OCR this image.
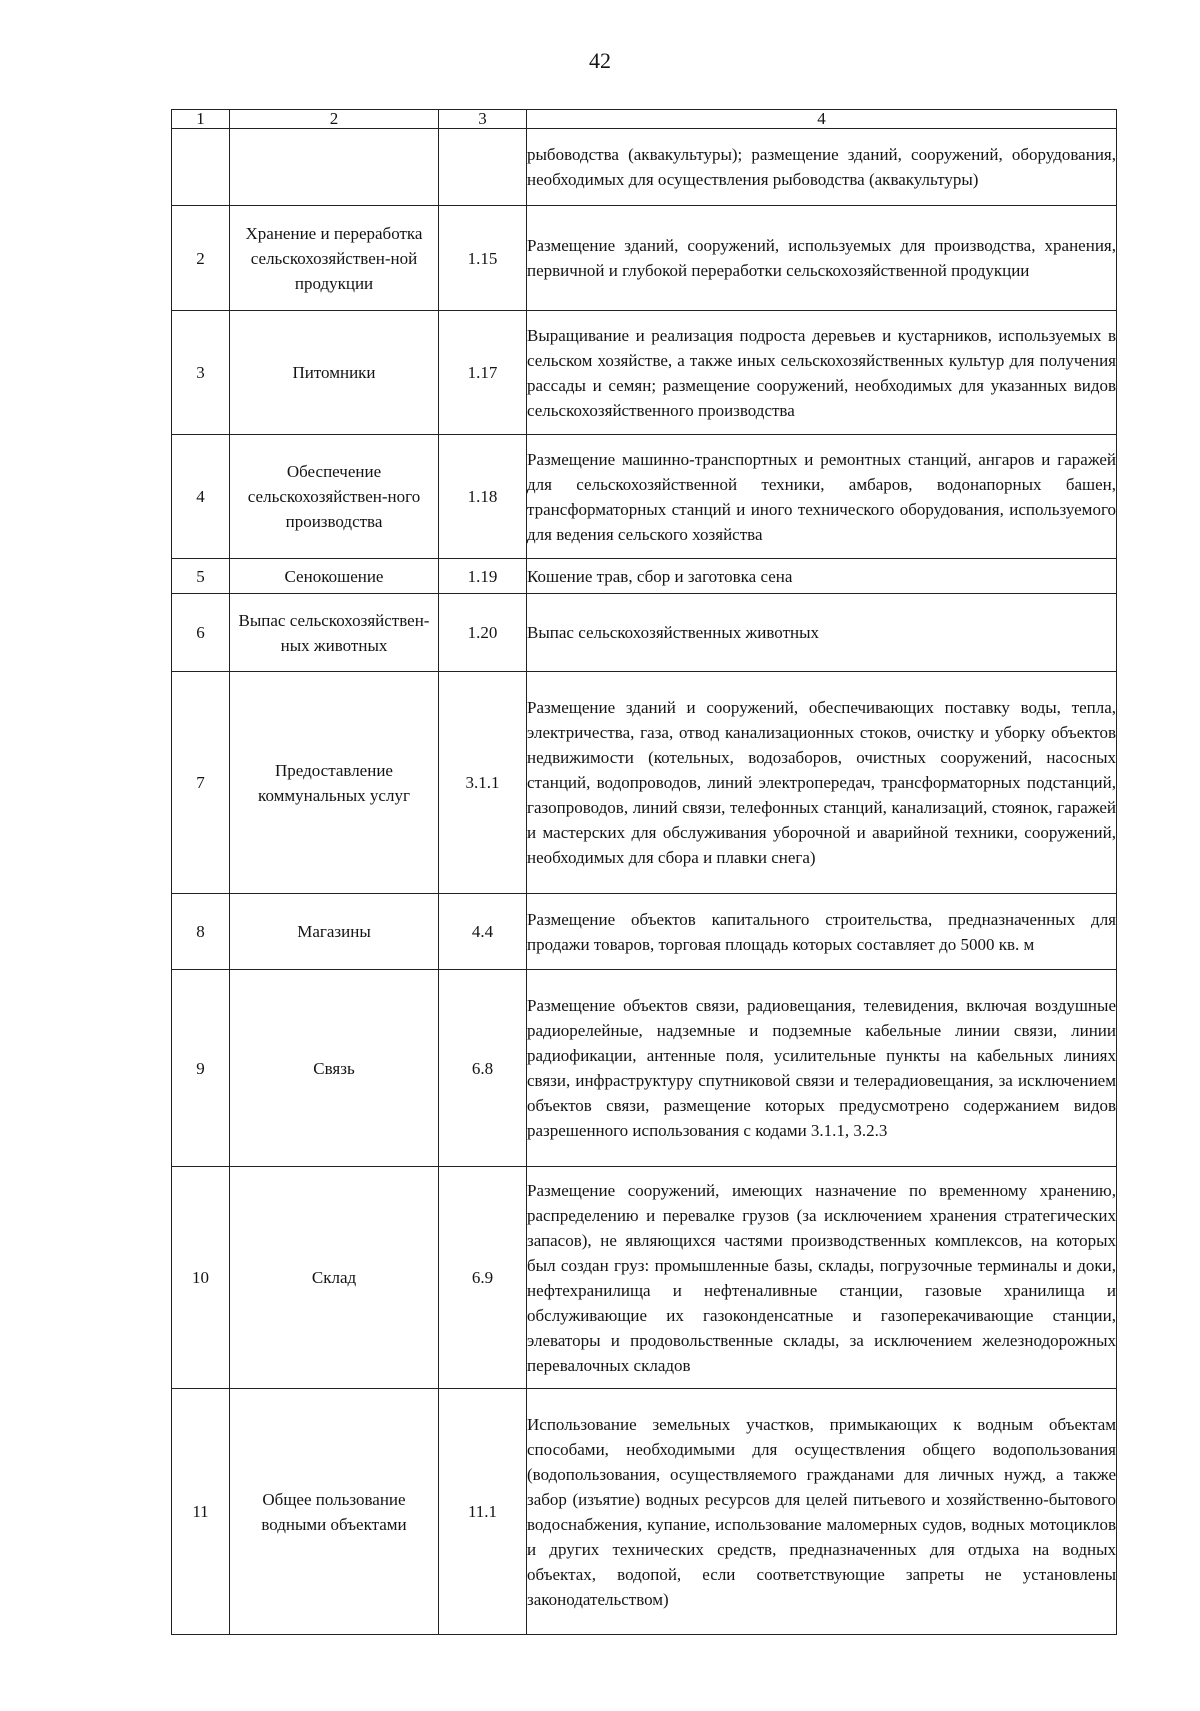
42
1	2	3	4
			рыбоводства (аквакультуры); размещение зданий, сооружений, оборудования, необходимых для осуществления рыбоводства (аквакультуры)
2	Хранение и переработка сельскохозяйствен-ной продукции	1.15	Размещение зданий, сооружений, используемых для производства, хранения, первичной и глубокой переработки сельскохозяйственной продукции
3	Питомники	1.17	Выращивание и реализация подроста деревьев и кустарников, используемых в сельском хозяйстве, а также иных сельскохозяйственных культур для получения рассады и семян; размещение сооружений, необходимых для указанных видов сельскохозяйственного производства
4	Обеспечение сельскохозяйствен-ного производства	1.18	Размещение машинно-транспортных и ремонтных станций, ангаров и гаражей для сельскохозяйственной техники, амбаров, водонапорных башен, трансформаторных станций и иного технического оборудования, используемого для ведения сельского хозяйства
5	Сенокошение	1.19	Кошение трав, сбор и заготовка сена
6	Выпас сельскохозяйствен-ных животных	1.20	Выпас сельскохозяйственных животных
7	Предоставление коммунальных услуг	3.1.1	Размещение зданий и сооружений, обеспечивающих поставку воды, тепла, электричества, газа, отвод канализационных стоков, очистку и уборку объектов недвижимости (котельных, водозаборов, очистных сооружений, насосных станций, водопроводов, линий электропередач, трансформаторных подстанций, газопроводов, линий связи, телефонных станций, канализаций, стоянок, гаражей и мастерских для обслуживания уборочной и аварийной техники, сооружений, необходимых для сбора и плавки снега)
8	Магазины	4.4	Размещение объектов капитального строительства, предназначенных для продажи товаров, торговая площадь которых составляет до 5000 кв. м
9	Связь	6.8	Размещение объектов связи, радиовещания, телевидения, включая воздушные радиорелейные, надземные и подземные кабельные линии связи, линии радиофикации, антенные поля, усилительные пункты на кабельных линиях связи, инфраструктуру спутниковой связи и телерадиовещания, за исключением объектов связи, размещение которых предусмотрено содержанием видов разрешенного использования с кодами 3.1.1, 3.2.3
10	Склад	6.9	Размещение сооружений, имеющих назначение по временному хранению, распределению и перевалке грузов (за исключением хранения стратегических запасов), не являющихся частями производственных комплексов, на которых был создан груз: промышленные базы, склады, погрузочные терминалы и доки, нефтехранилища и нефтеналивные станции, газовые хранилища и обслуживающие их газоконденсатные и газоперекачивающие станции, элеваторы и продовольственные склады, за исключением железнодорожных перевалочных складов
11	Общее пользование водными объектами	11.1	Использование земельных участков, примыкающих к водным объектам способами, необходимыми для осуществления общего водопользования (водопользования, осуществляемого гражданами для личных нужд, а также забор (изъятие) водных ресурсов для целей питьевого и хозяйственно-бытового водоснабжения, купание, использование маломерных судов, водных мотоциклов и других технических средств, предназначенных для отдыха на водных объектах, водопой, если соответствующие запреты не установлены законодательством)
